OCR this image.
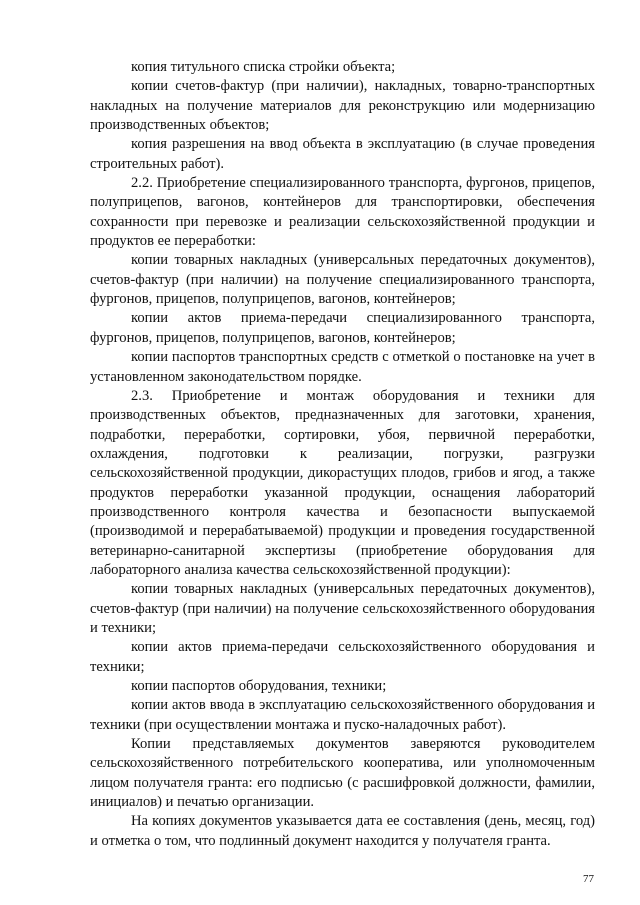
копия титульного списка стройки объекта;

копии счетов-фактур (при наличии), накладных, товарно-транспортных накладных на получение материалов для реконструкцию или модернизацию производственных объектов;

копия разрешения на ввод объекта в эксплуатацию (в случае проведения строительных работ).

2.2. Приобретение специализированного транспорта, фургонов, прицепов, полуприцепов, вагонов, контейнеров для транспортировки, обеспечения сохранности при перевозке и реализации сельскохозяйственной продукции и продуктов ее переработки:

копии товарных накладных (универсальных передаточных документов), счетов-фактур (при наличии) на получение специализированного транспорта, фургонов, прицепов, полуприцепов, вагонов, контейнеров;

копии актов приема-передачи специализированного транспорта, фургонов, прицепов, полуприцепов, вагонов, контейнеров;

копии паспортов транспортных средств с отметкой о постановке на учет в установленном законодательством порядке.

2.3. Приобретение и монтаж оборудования и техники для производственных объектов, предназначенных для заготовки, хранения, подработки, переработки, сортировки, убоя, первичной переработки, охлаждения, подготовки к реализации, погрузки, разгрузки сельскохозяйственной продукции, дикорастущих плодов, грибов и ягод, а также продуктов переработки указанной продукции, оснащения лабораторий производственного контроля качества и безопасности выпускаемой (производимой и перерабатываемой) продукции и проведения государственной ветеринарно-санитарной экспертизы (приобретение оборудования для лабораторного анализа качества сельскохозяйственной продукции):

копии товарных накладных (универсальных передаточных документов), счетов-фактур (при наличии) на получение сельскохозяйственного оборудования и техники;

копии актов приема-передачи сельскохозяйственного оборудования и техники;

копии паспортов оборудования, техники;

копии актов ввода в эксплуатацию сельскохозяйственного оборудования и техники (при осуществлении монтажа и пуско-наладочных работ).

Копии представляемых документов заверяются руководителем сельскохозяйственного потребительского кооператива, или уполномоченным лицом получателя гранта: его подписью (с расшифровкой должности, фамилии, инициалов) и печатью организации.

На копиях документов указывается дата ее составления (день, месяц, год) и отметка о том, что подлинный документ находится у получателя гранта.

77
